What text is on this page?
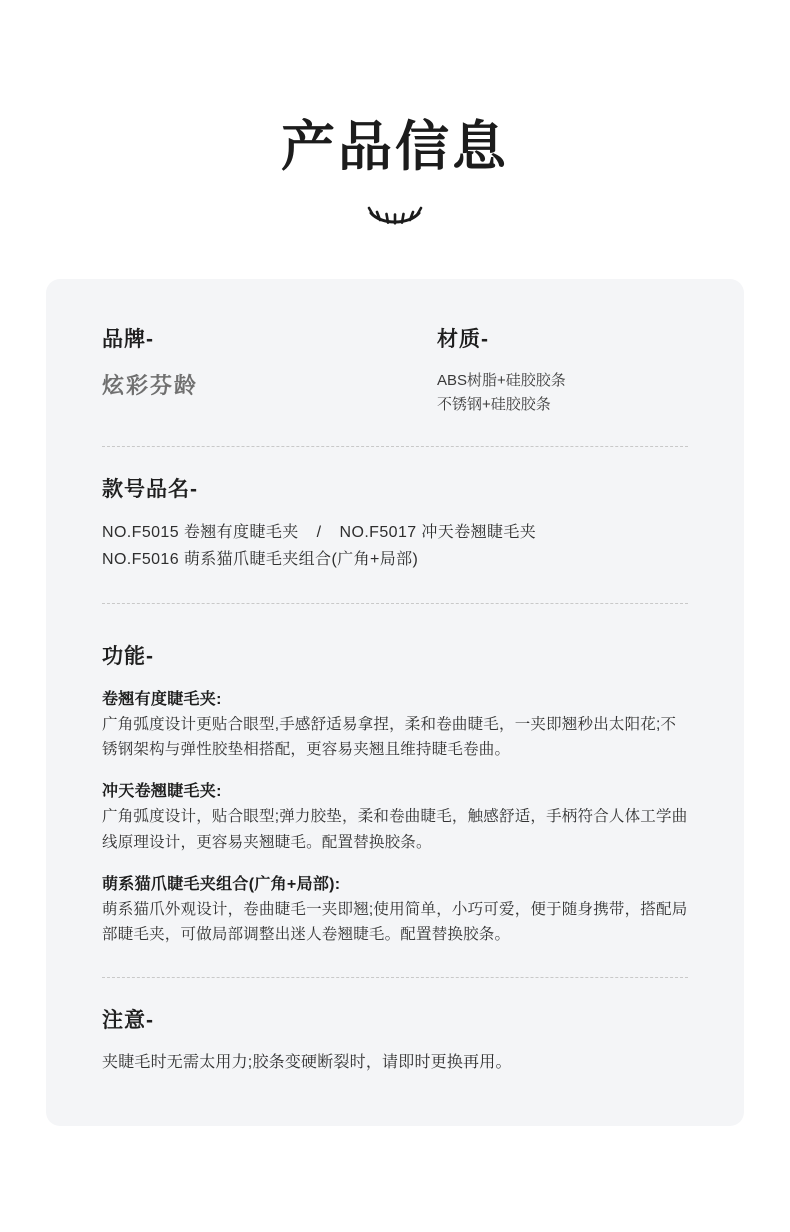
产品信息

品牌-

炫彩芬龄

材质-

ABS树脂+硅胶胶条

不锈钢+硅胶胶条

款号品名-

NO.F5015 卷翘有度睫毛夹 / NO.F5017 冲天卷翘睫毛夹

NO.F5016 萌系猫爪睫毛夹组合(广角+局部)

功能-

卷翘有度睫毛夹:

广角弧度设计更贴合眼型,手感舒适易拿捏，柔和卷曲睫毛，一夹即翘秒出太阳花;不锈钢架构与弹性胶垫相搭配，更容易夹翘且维持睫毛卷曲。

冲天卷翘睫毛夹:

广角弧度设计，贴合眼型;弹力胶垫，柔和卷曲睫毛，触感舒适，手柄符合人体工学曲线原理设计，更容易夹翘睫毛。配置替换胶条。

萌系猫爪睫毛夹组合(广角+局部):

萌系猫爪外观设计，卷曲睫毛一夹即翘;使用简单，小巧可爱，便于随身携带，搭配局部睫毛夹，可做局部调整出迷人卷翘睫毛。配置替换胶条。

注意-

夹睫毛时无需太用力;胶条变硬断裂时，请即时更换再用。
